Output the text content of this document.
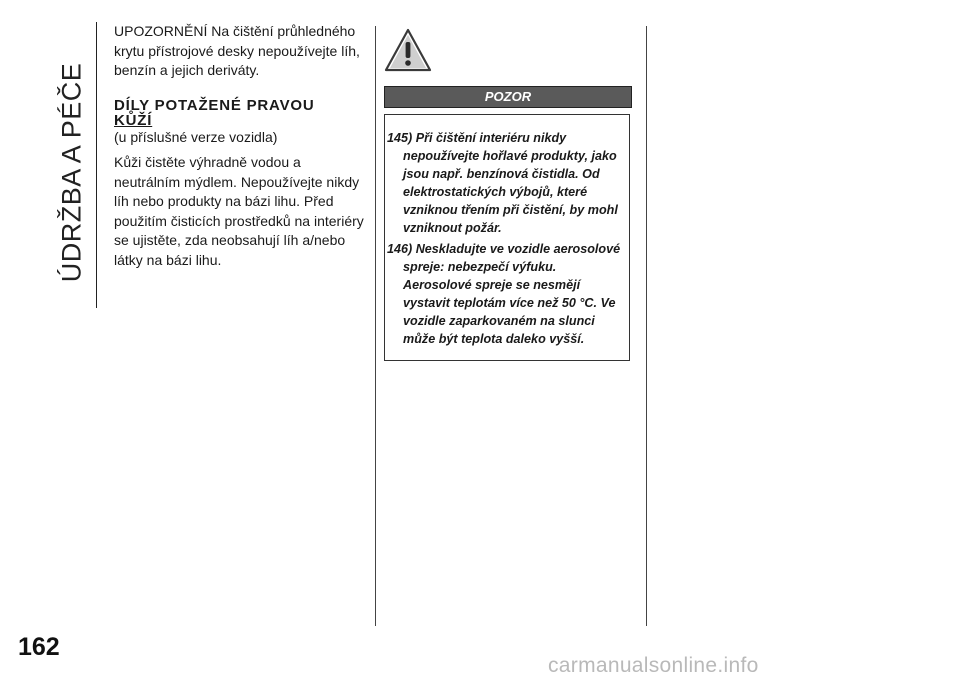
ÚDRŽBA A PÉČE
162

UPOZORNĚNÍ Na čištění průhledného krytu přístrojové desky nepoužívejte líh, benzín a jejich deriváty.

DÍLY POTAŽENÉ PRAVOU
KŮŽÍ

(u příslušné verze vozidla)

Kůži čistěte výhradně vodou a neutrálním mýdlem. Nepoužívejte nikdy líh nebo produkty na bázi lihu. Před použitím čisticích prostředků na interiéry se ujistěte, zda neobsahují líh a/nebo látky na bázi lihu.

POZOR
145) Při čištění interiéru nikdy nepoužívejte hořlavé produkty, jako jsou např. benzínová čistidla. Od elektrostatických výbojů, které vzniknou třením při čistění, by mohl vzniknout požár.
146) Neskladujte ve vozidle aerosolové spreje: nebezpečí výfuku. Aerosolové spreje se nesmějí vystavit teplotám více než 50 °C. Ve vozidle zaparkovaném na slunci může být teplota daleko vyšší.
carmanualsonline.info
